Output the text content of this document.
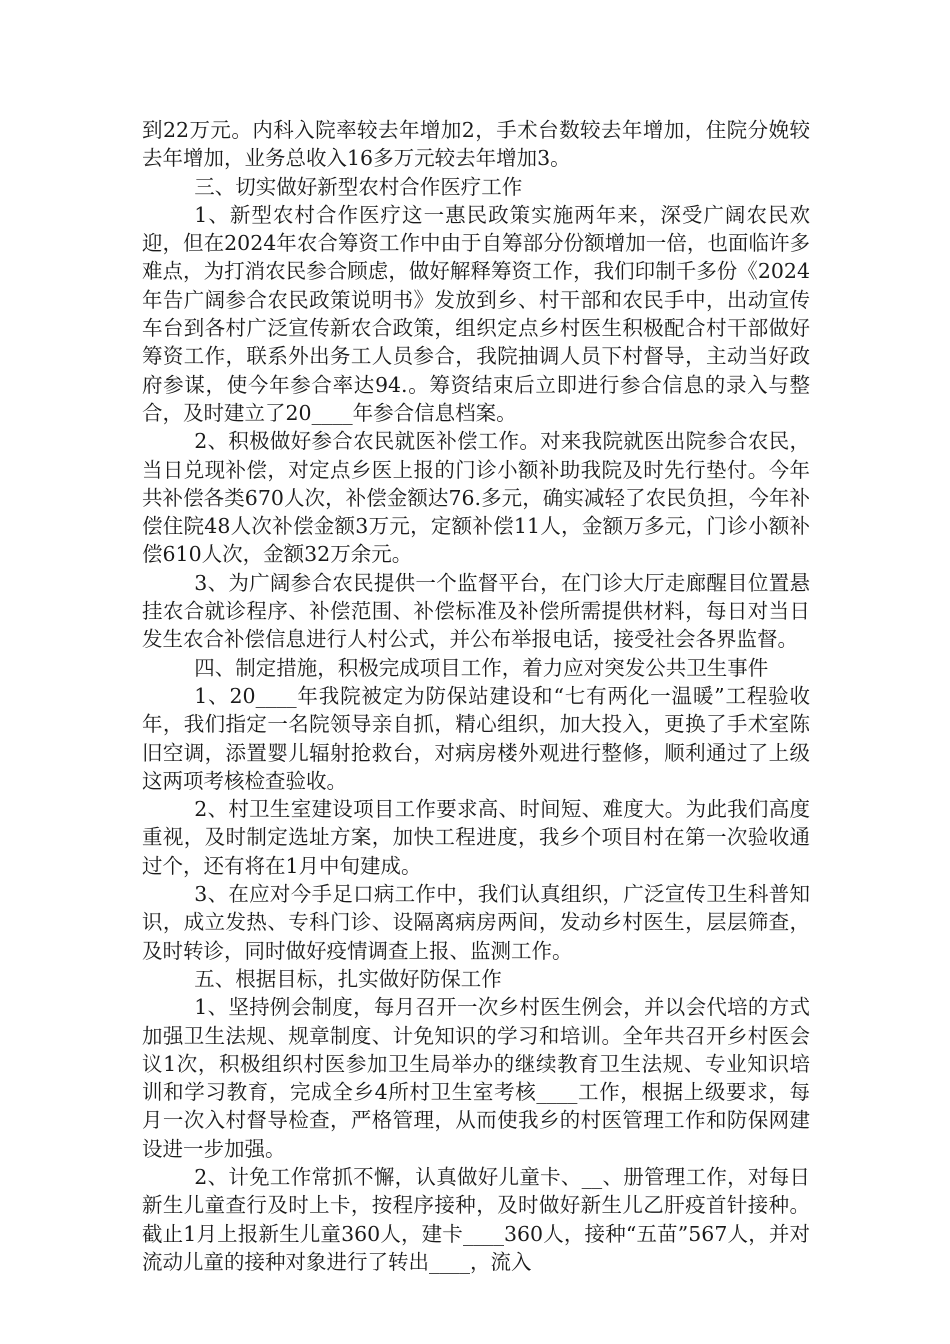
到22万元。内科入院率较去年增加2，手术台数较去年增加，住院分娩较去年增加，业务总收入16多万元较去年增加3。

三、切实做好新型农村合作医疗工作

1、新型农村合作医疗这一惠民政策实施两年来，深受广阔农民欢迎，但在2024年农合筹资工作中由于自筹部分份额增加一倍，也面临许多难点，为打消农民参合顾虑，做好解释筹资工作，我们印制千多份《2024年告广阔参合农民政策说明书》发放到乡、村干部和农民手中，出动宣传车台到各村广泛宣传新农合政策，组织定点乡村医生积极配合村干部做好筹资工作，联系外出务工人员参合，我院抽调人员下村督导，主动当好政府参谋，使今年参合率达94.。筹资结束后立即进行参合信息的录入与整合，及时建立了20____年参合信息档案。

2、积极做好参合农民就医补偿工作。对来我院就医出院参合农民，当日兑现补偿，对定点乡医上报的门诊小额补助我院及时先行垫付。今年共补偿各类670人次，补偿金额达76.多元，确实减轻了农民负担，今年补偿住院48人次补偿金额3万元，定额补偿11人，金额万多元，门诊小额补偿610人次，金额32万余元。

3、为广阔参合农民提供一个监督平台，在门诊大厅走廊醒目位置悬挂农合就诊程序、补偿范围、补偿标准及补偿所需提供材料，每日对当日发生农合补偿信息进行人村公式，并公布举报电话，接受社会各界监督。

四、制定措施，积极完成项目工作，着力应对突发公共卫生事件

1、20____年我院被定为防保站建设和“七有两化一温暖”工程验收年，我们指定一名院领导亲自抓，精心组织，加大投入，更换了手术室陈旧空调，添置婴儿辐射抢救台，对病房楼外观进行整修，顺利通过了上级这两项考核检查验收。

2、村卫生室建设项目工作要求高、时间短、难度大。为此我们高度重视，及时制定选址方案，加快工程进度，我乡个项目村在第一次验收通过个，还有将在1月中旬建成。

3、在应对今手足口病工作中，我们认真组织，广泛宣传卫生科普知识，成立发热、专科门诊、设隔离病房两间，发动乡村医生，层层筛查，及时转诊，同时做好疫情调查上报、监测工作。

五、根据目标，扎实做好防保工作

1、坚持例会制度，每月召开一次乡村医生例会，并以会代培的方式加强卫生法规、规章制度、计免知识的学习和培训。全年共召开乡村医会议1次，积极组织村医参加卫生局举办的继续教育卫生法规、专业知识培训和学习教育，完成全乡4所村卫生室考核____工作，根据上级要求，每月一次入村督导检查，严格管理，从而使我乡的村医管理工作和防保网建设进一步加强。

2、计免工作常抓不懈，认真做好儿童卡、__、册管理工作，对每日新生儿童查行及时上卡，按程序接种，及时做好新生儿乙肝疫首针接种。截止1月上报新生儿童360人，建卡____360人，接种“五苗”567人，并对流动儿童的接种对象进行了转出____，流入
